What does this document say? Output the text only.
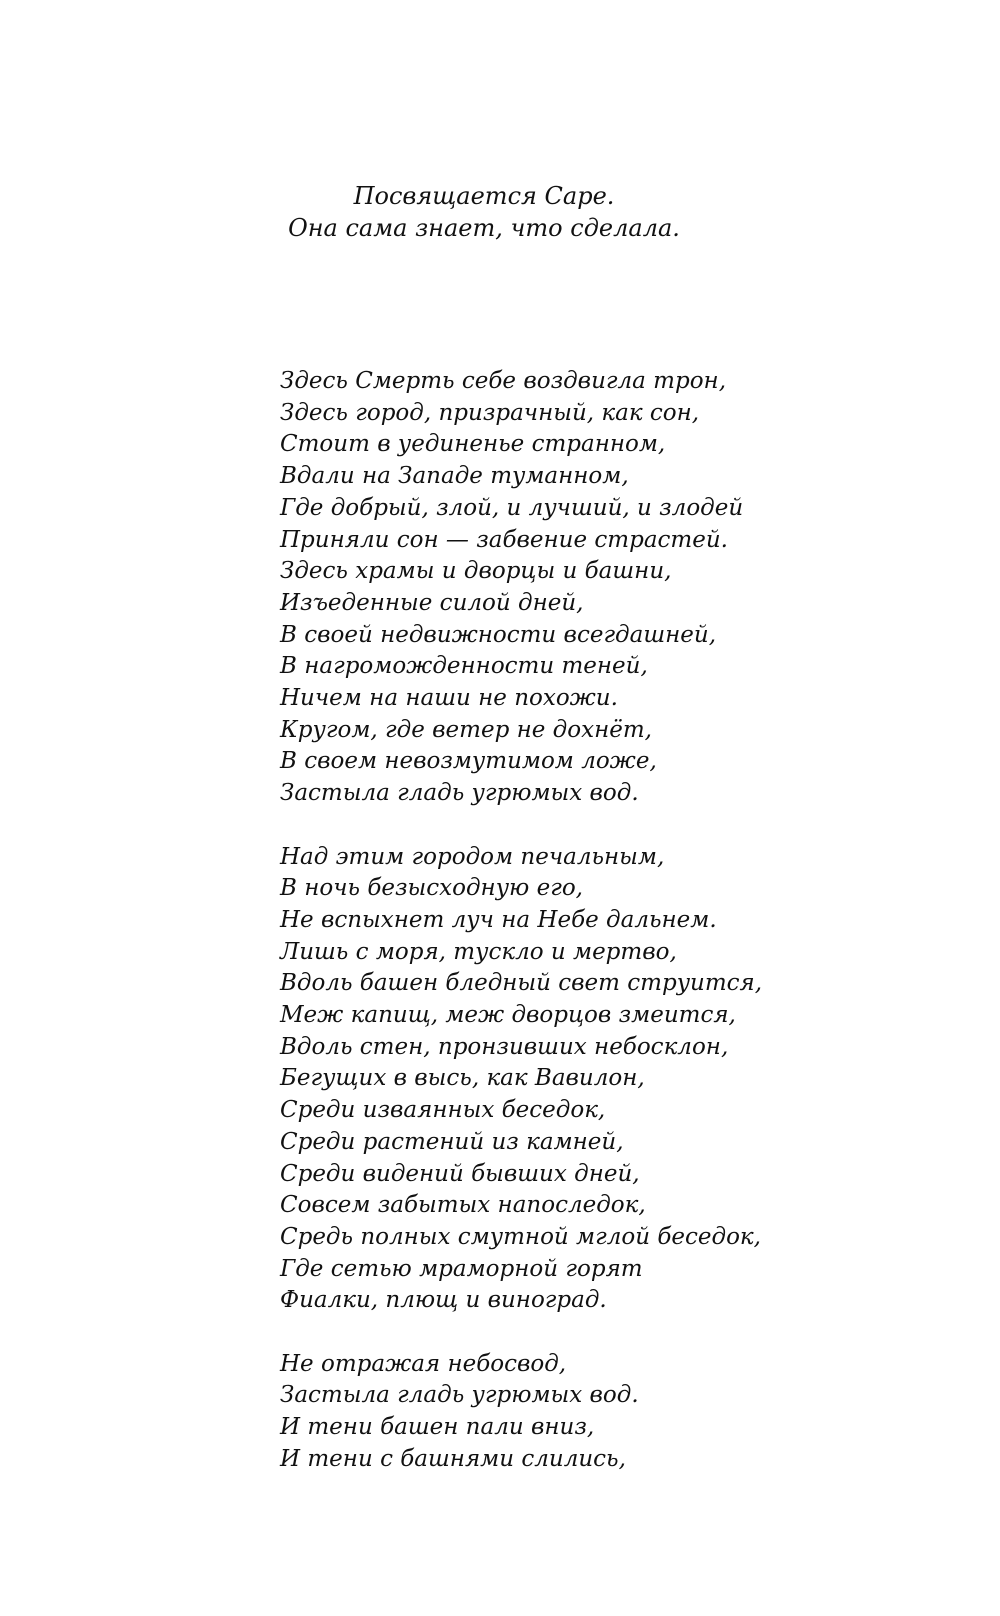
Посвящается Саре.
Она сама знает, что сделала.
Здесь Смерть себе воздвигла трон,
Здесь город, призрачный, как сон,
Стоит в уединенье странном,
Вдали на Западе туманном,
Где добрый, злой, и лучший, и злодей
Приняли сон — забвение страстей.
Здесь храмы и дворцы и башни,
Изъеденные силой дней,
В своей недвижности всегдашней,
В нагроможденности теней,
Ничем на наши не похожи.
Кругом, где ветер не дохнёт,
В своем невозмутимом ложе,
Застыла гладь угрюмых вод.
Над этим городом печальным,
В ночь безысходную его,
Не вспыхнет луч на Небе дальнем.
Лишь с моря, тускло и мертво,
Вдоль башен бледный свет струится,
Меж капищ, меж дворцов змеится,
Вдоль стен, пронзивших небосклон,
Бегущих в высь, как Вавилон,
Среди изваянных беседок,
Среди растений из камней,
Среди видений бывших дней,
Совсем забытых напоследок,
Средь полных смутной мглой беседок,
Где сетью мраморной горят
Фиалки, плющ и виноград.
Не отражая небосвод,
Застыла гладь угрюмых вод.
И тени башен пали вниз,
И тени с башнями слились,
